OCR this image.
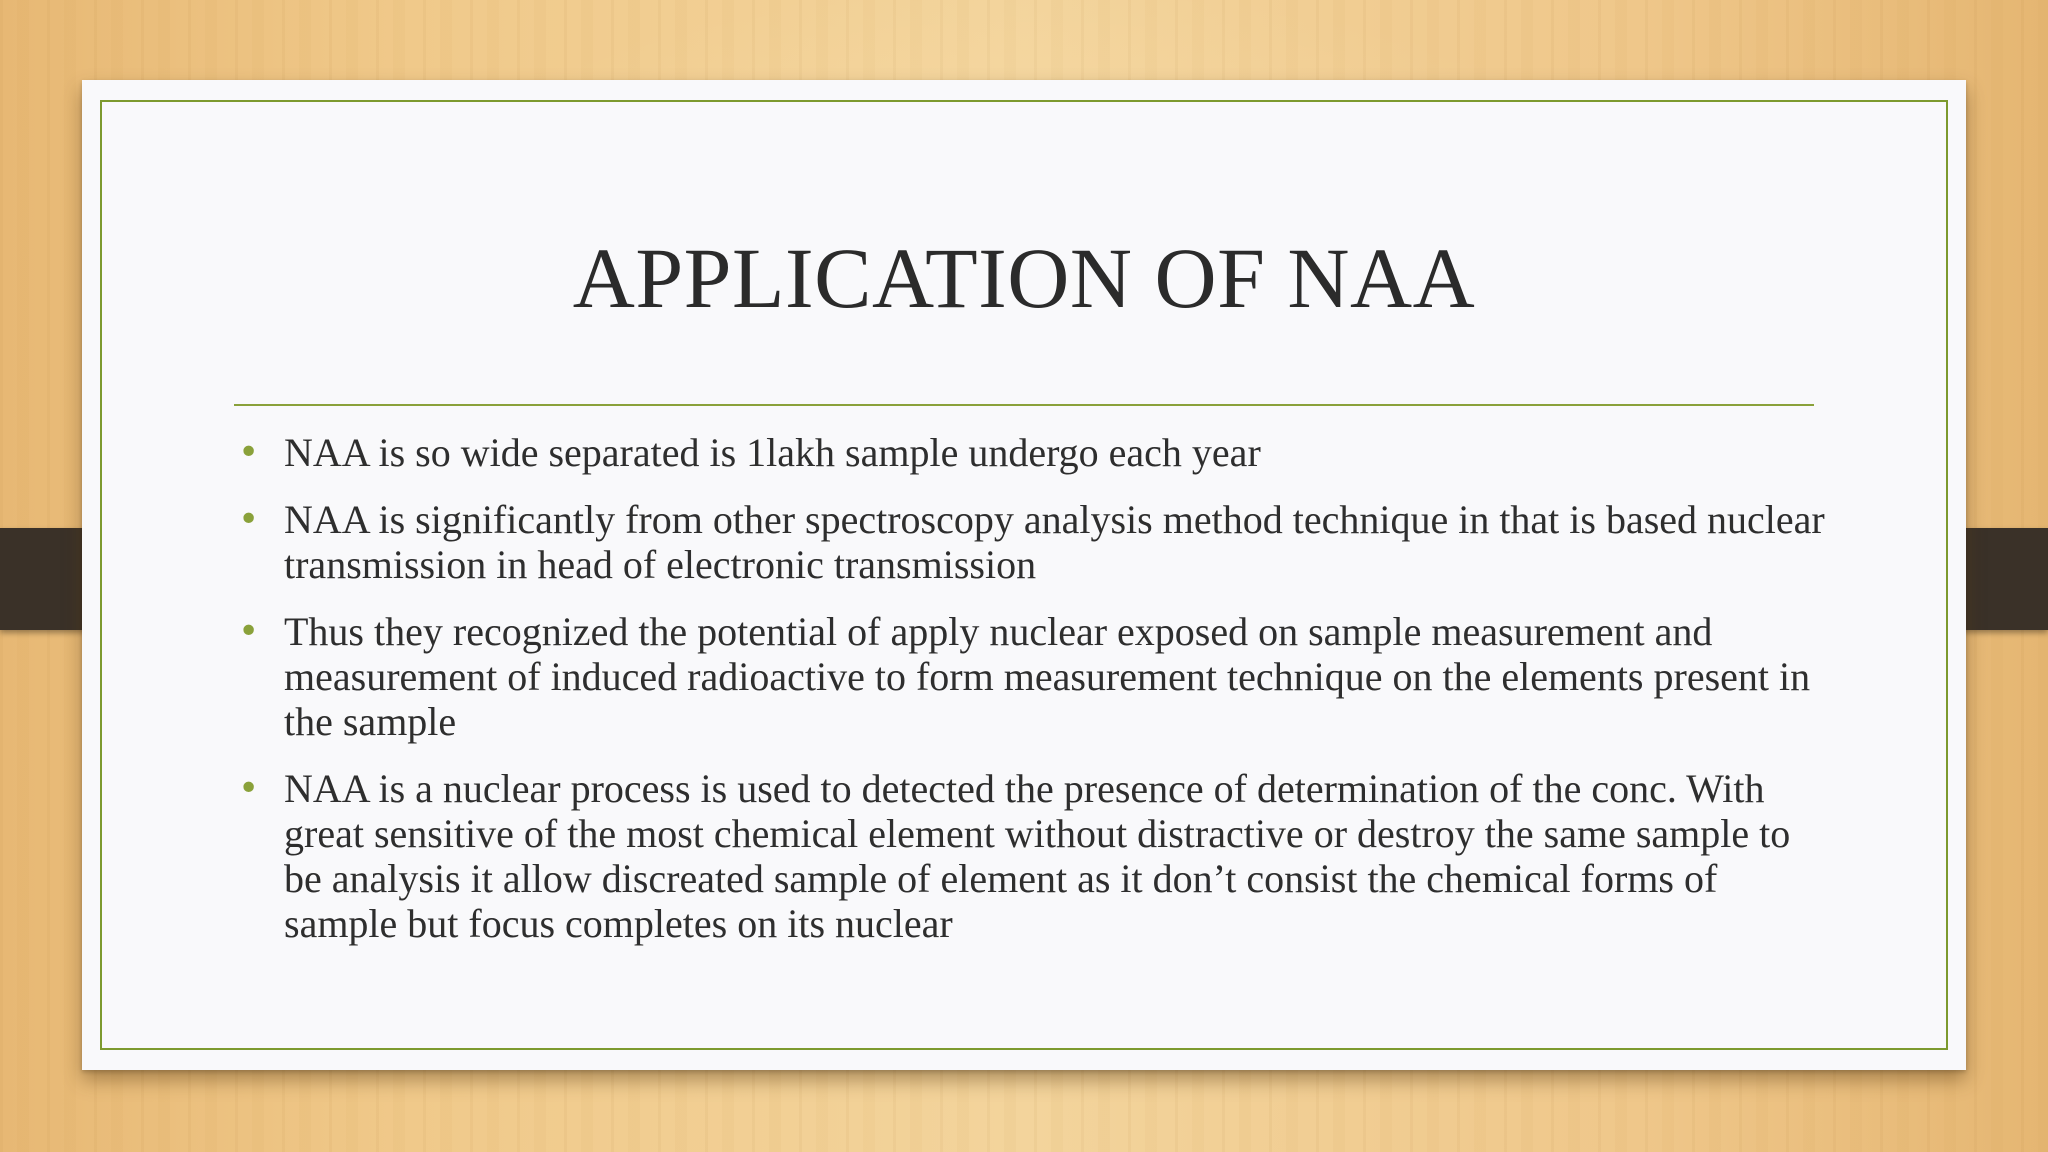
APPLICATION OF NAA
• NAA is so wide separated is 1lakh sample undergo each year
• NAA is significantly from other spectroscopy analysis method technique in that is based nuclear transmission in head of electronic transmission
• Thus they recognized the potential of apply nuclear exposed on sample measurement and measurement of induced radioactive to form measurement technique on the elements present in the sample
• NAA is a nuclear process is used to detected the presence of determination of the conc. With great sensitive of the most chemical element without distractive or destroy the same sample to be analysis it allow discreated sample of element as it don’t consist the chemical forms of sample but focus completes on its nuclear
